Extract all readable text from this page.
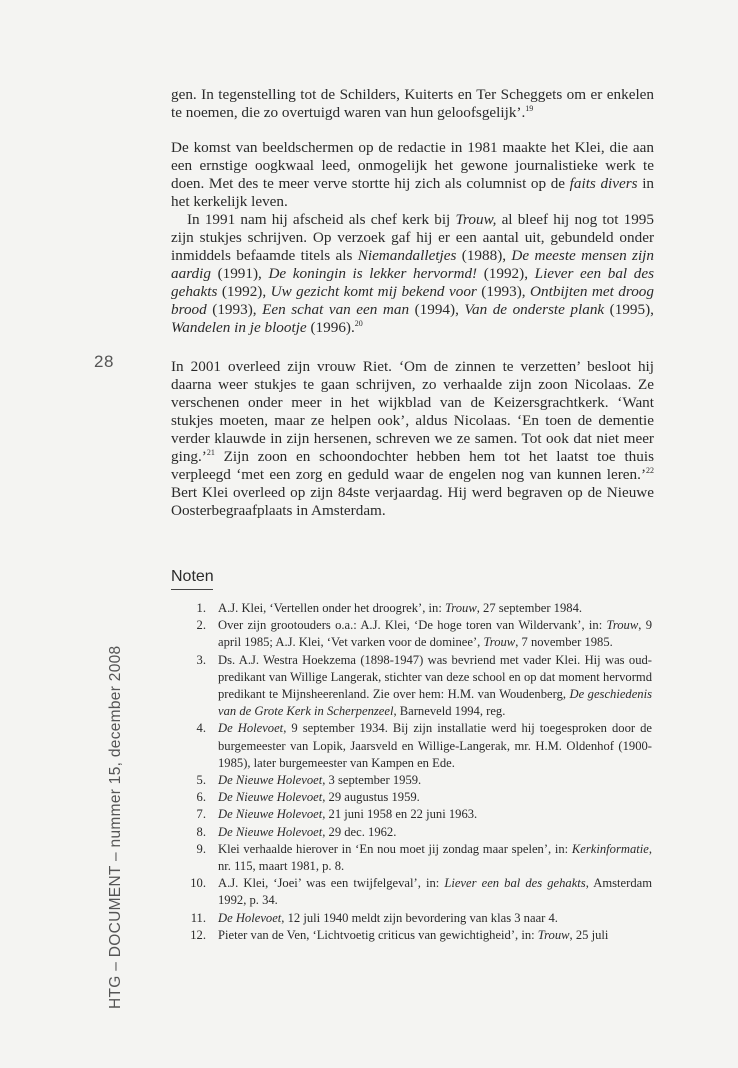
gen. In tegenstelling tot de Schilders, Kuiterts en Ter Scheggets om er enkelen te noemen, die zo overtuigd waren van hun geloofsgelijk’.$^{19}$

De komst van beeldschermen op de redactie in 1981 maakte het Klei, die aan een ernstige oogkwaal leed, onmogelijk het gewone journalistieke werk te doen. Met des te meer verve stortte hij zich als columnist op de faits divers in het kerkelijk leven.

In 1991 nam hij afscheid als chef kerk bij Trouw, al bleef hij nog tot 1995 zijn stukjes schrijven. Op verzoek gaf hij er een aantal uit, gebundeld onder inmiddels befaamde titels als Niemandalletjes (1988), De meeste mensen zijn aardig (1991), De koningin is lekker hervormd! (1992), Liever een bal des gehakts (1992), Uw gezicht komt mij bekend voor (1993), Ontbijten met droog brood (1993), Een schat van een man (1994), Van de onderste plank (1995), Wandelen in je blootje (1996).$^{20}$

In 2001 overleed zijn vrouw Riet. ‘Om de zinnen te verzetten’ besloot hij daarna weer stukjes te gaan schrijven, zo verhaalde zijn zoon Nicolaas. Ze verschenen onder meer in het wijkblad van de Keizersgrachtkerk. ‘Want stukjes moeten, maar ze helpen ook’, aldus Nicolaas. ‘En toen de dementie verder klauwde in zijn hersenen, schreven we ze samen. Tot ook dat niet meer ging.’$^{21}$ Zijn zoon en schoondochter hebben hem tot het laatst toe thuis verpleegd ‘met een zorg en geduld waar de engelen nog van kunnen leren.’$^{22}$ Bert Klei overleed op zijn 84ste verjaardag. Hij werd begraven op de Nieuwe Oosterbegraafplaats in Amsterdam.

28
HTG – DOCUMENT – nummer 15, december 2008
Noten
1. A.J. Klei, ‘Vertellen onder het droogrek’, in: Trouw, 27 september 1984.
2. Over zijn grootouders o.a.: A.J. Klei, ‘De hoge toren van Wildervank’, in: Trouw, 9 april 1985; A.J. Klei, ‘Vet varken voor de dominee’, Trouw, 7 november 1985.
3. Ds. A.J. Westra Hoekzema (1898-1947) was bevriend met vader Klei. Hij was oud-predikant van Willige Langerak, stichter van deze school en op dat moment hervormd predikant te Mijnsheerenland. Zie over hem: H.M. van Woudenberg, De geschiedenis van de Grote Kerk in Scherpenzeel, Barneveld 1994, reg.
4. De Holevoet, 9 september 1934. Bij zijn installatie werd hij toegesproken door de burgemeester van Lopik, Jaarsveld en Willige-Langerak, mr. H.M. Oldenhof (1900-1985), later burgemeester van Kampen en Ede.
5. De Nieuwe Holevoet, 3 september 1959.
6. De Nieuwe Holevoet, 29 augustus 1959.
7. De Nieuwe Holevoet, 21 juni 1958 en 22 juni 1963.
8. De Nieuwe Holevoet, 29 dec. 1962.
9. Klei verhaalde hierover in ‘En nou moet jij zondag maar spelen’, in: Kerkinformatie, nr. 115, maart 1981, p. 8.
10. A.J. Klei, ‘Joei’ was een twijfelgeval’, in: Liever een bal des gehakts, Amsterdam 1992, p. 34.
11. De Holevoet, 12 juli 1940 meldt zijn bevordering van klas 3 naar 4.
12. Pieter van de Ven, ‘Lichtvoetig criticus van gewichtigheid’, in: Trouw, 25 juli
